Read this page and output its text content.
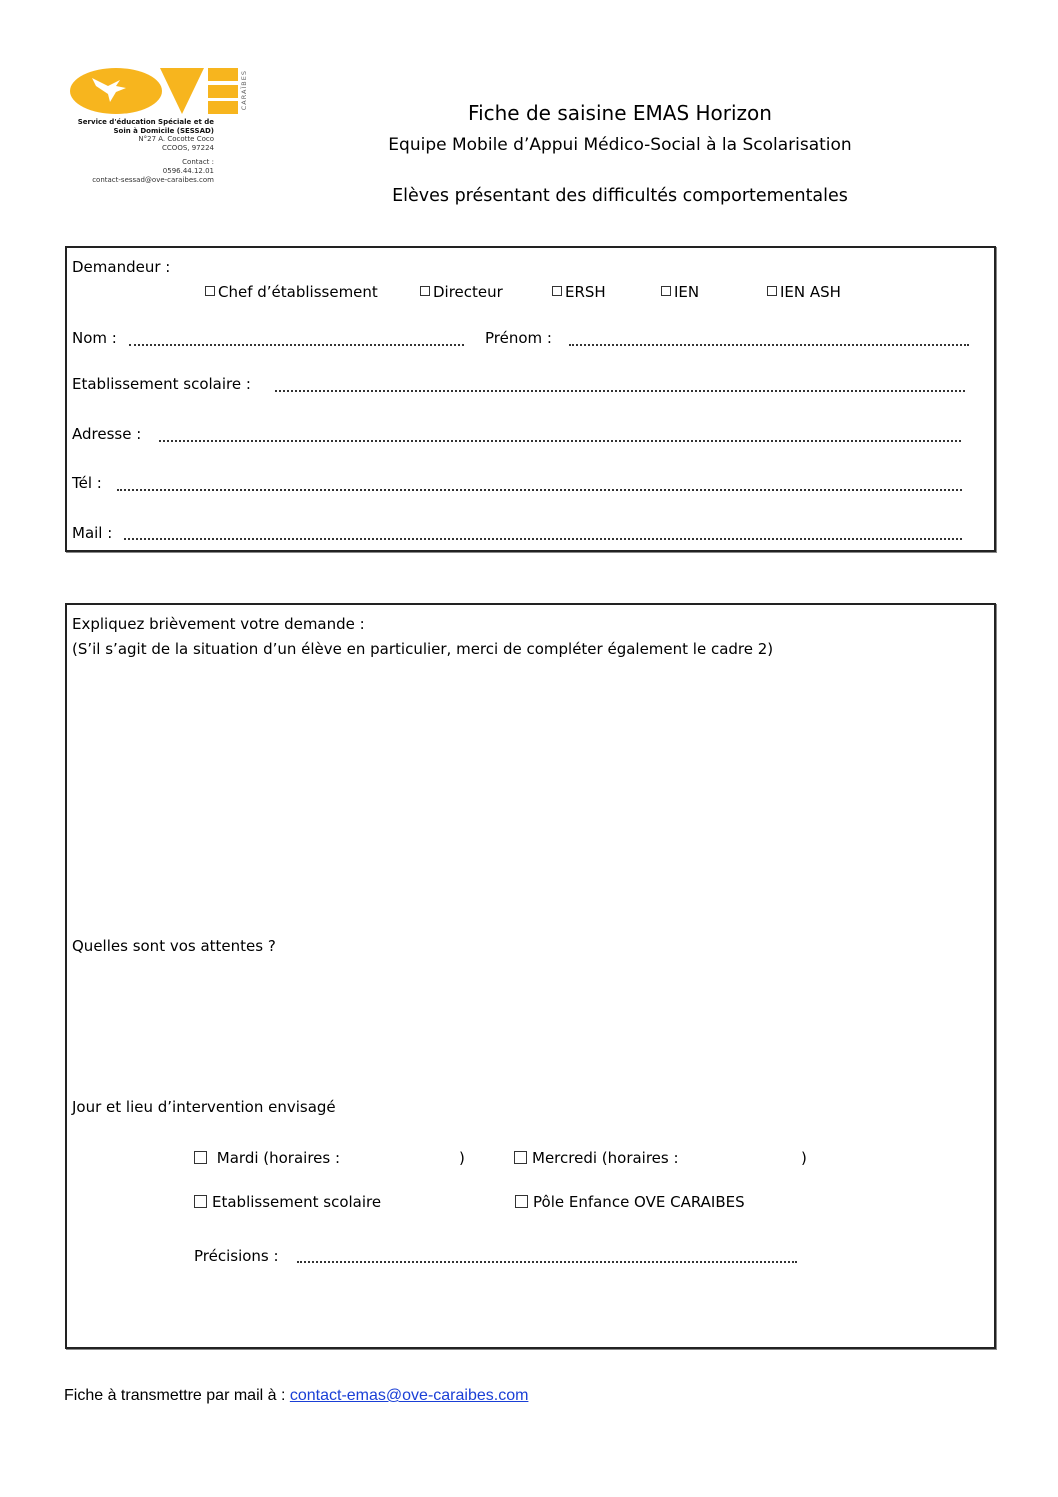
CARAÏBES
Service d'éducation Spéciale et de
Soin à Domicile (SESSAD)
N°27 A. Cocotte Coco
CCOOS, 97224
Contact :
0596.44.12.01
contact-sessad@ove-caraibes.com
Fiche de saisine EMAS Horizon
Equipe Mobile d’Appui Médico-Social à la Scolarisation
Elèves présentant des difficultés comportementales
Demandeur :
Chef d’établissement	Directeur	ERSH	IEN	IEN ASH
Nom :	Prénom :
Etablissement scolaire :
Adresse :
Tél :
Mail :
Expliquez brièvement votre demande :
(S’il s’agit de la situation d’un élève en particulier, merci de compléter également le cadre 2)
Quelles sont vos attentes ?
Jour et lieu d’intervention envisagé
Mardi (horaires :	)	Mercredi (horaires :	)
Etablissement scolaire	Pôle Enfance OVE CARAIBES
Précisions :
Fiche à transmettre par mail à : contact-emas@ove-caraibes.com
